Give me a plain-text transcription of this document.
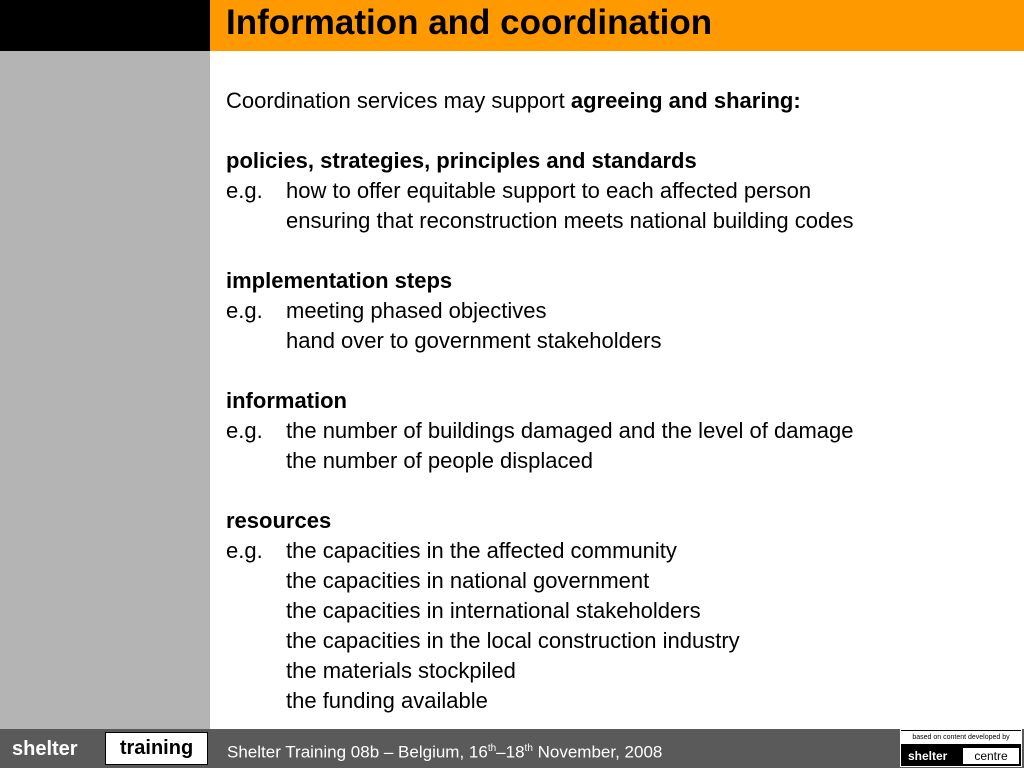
Information and coordination
Coordination services may support agreeing and sharing:
policies, strategies, principles and standards
e.g. how to offer equitable support to each affected person
ensuring that reconstruction meets national building codes
implementation steps
e.g. meeting phased objectives
hand over to government stakeholders
information
e.g. the number of buildings damaged and the level of damage
the number of people displaced
resources
e.g. the capacities in the affected community
the capacities in national government
the capacities in international stakeholders
the capacities in the local construction industry
the materials stockpiled
the funding available
shelter	training	Shelter Training 08b – Belgium, 16th–18th November, 2008
based on content developed by
shelter	centre
